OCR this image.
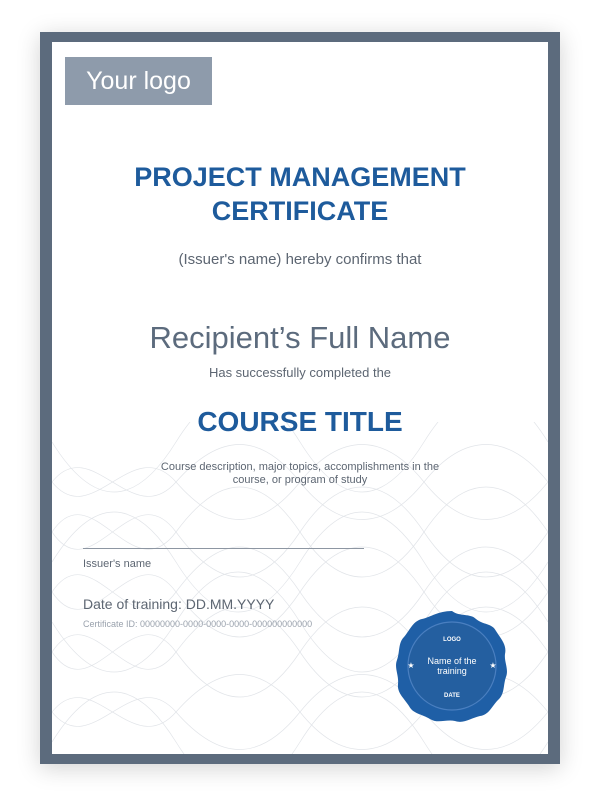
Your logo
PROJECT MANAGEMENT
CERTIFICATE
(Issuer's name) hereby confirms that
Recipient’s Full Name
Has successfully completed the
COURSE TITLE
Course description, major topics, accomplishments in the
course, or program of study
Issuer's name
Date of training: DD.MM.YYYY
Certificate ID: 00000000-0000-0000-0000-000000000000
LOGO
Name of the
training
DATE
★	★
